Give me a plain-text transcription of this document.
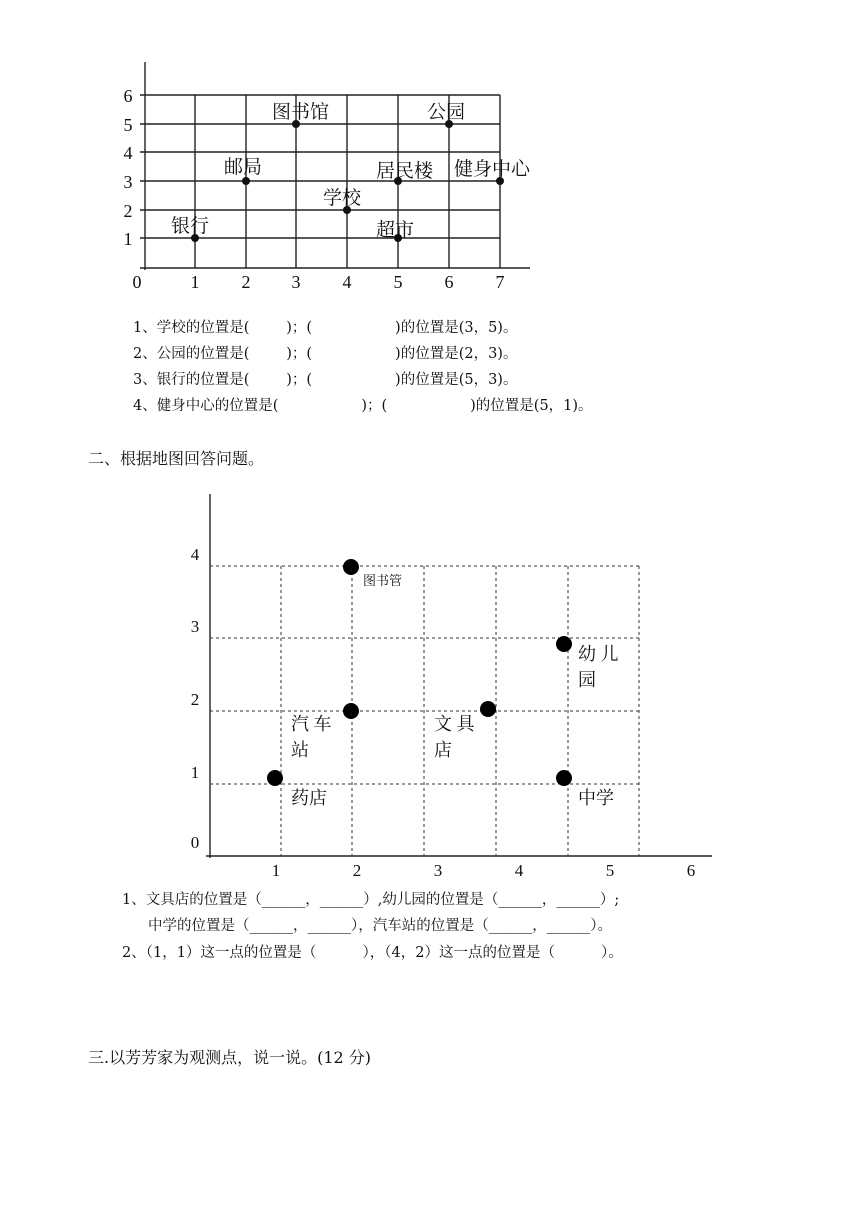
0	1 2 3 4 5 6 7
1
2
3
4
5
6
图书馆	公园
邮局	居民楼 健身中心
学校
银行	超市
1、学校的位置是(        )；(                  )的位置是(3，5)。
2、公园的位置是(        )；(                  )的位置是(2，3)。
3、银行的位置是(        )；(                  )的位置是(5，3)。
4、健身中心的位置是(                  )；(                  )的位置是(5，1)。
二、根据地图回答问题。
1	2	3	4	5	6
0
1
2
3
4
图书管
幼 儿
园
汽 车
站
文 具
店
药店	中学
1、文具店的位置是（______，______）,幼儿园的位置是（______，______）;
中学的位置是（______，______），汽车站的位置是（______，______）。
2、（1，1）这一点的位置是（          ），（4，2）这一点的位置是（          ）。
三.以芳芳家为观测点，说一说。(12 分)
